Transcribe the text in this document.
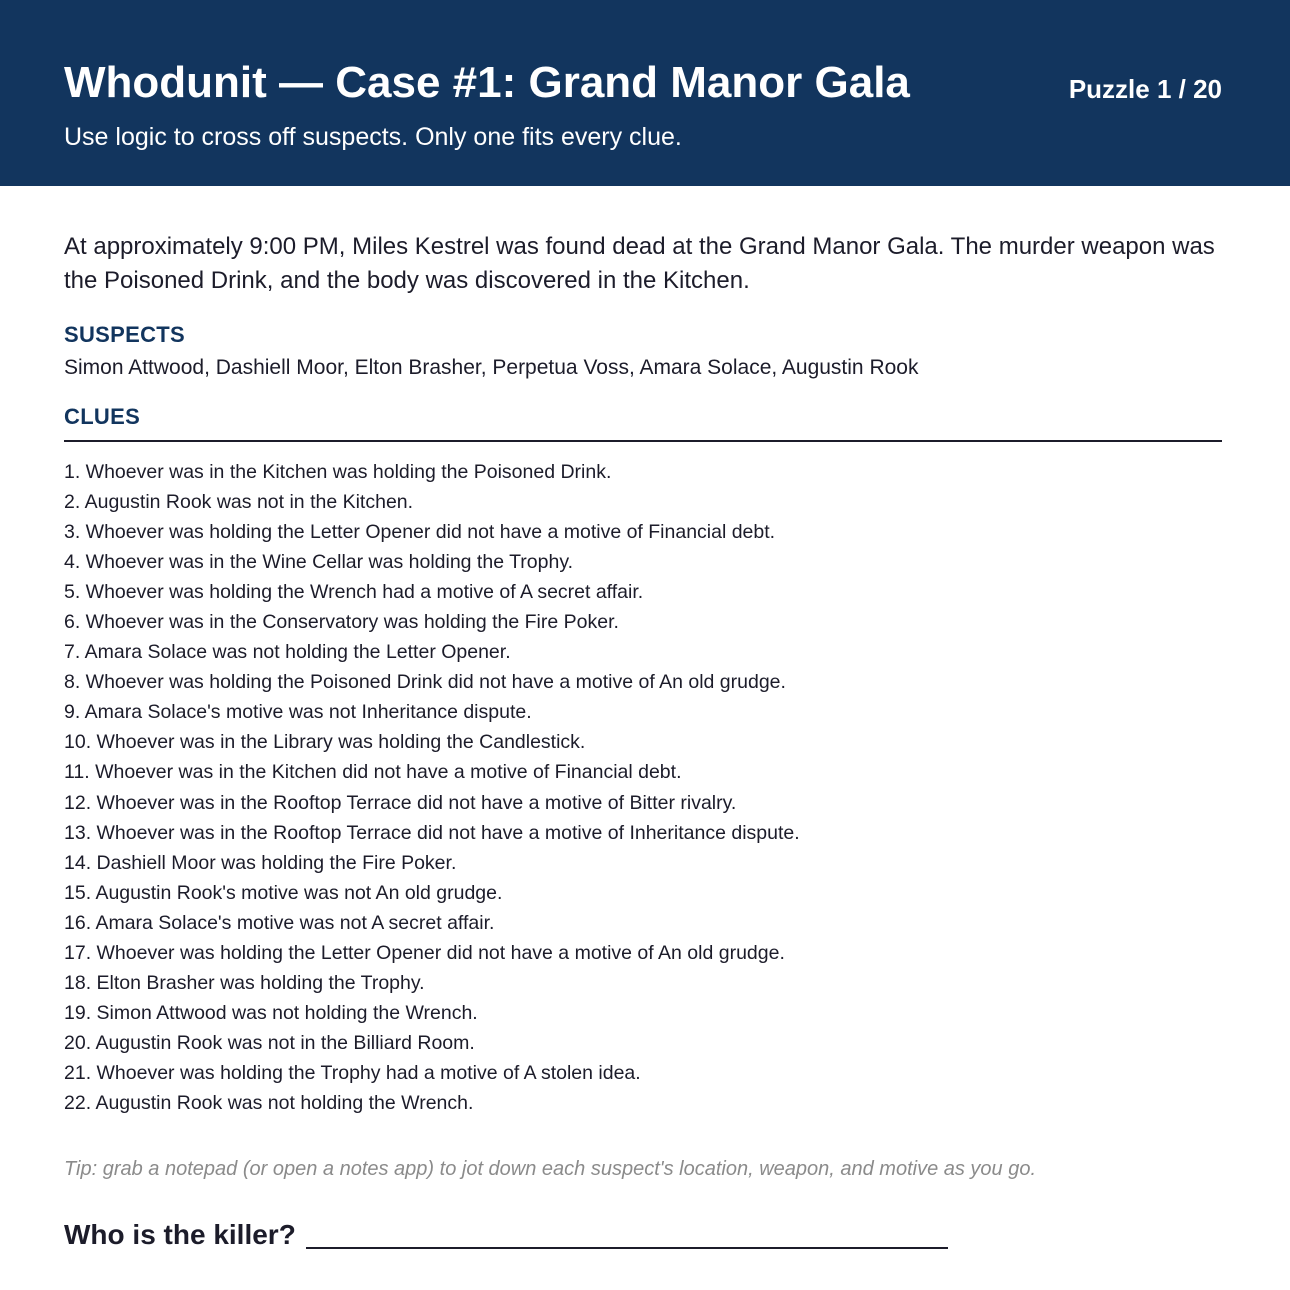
Whodunit — Case #1: Grand Manor Gala
Use logic to cross off suspects. Only one fits every clue.
Puzzle 1 / 20

At approximately 9:00 PM, Miles Kestrel was found dead at the Grand Manor Gala. The murder weapon was the Poisoned Drink, and the body was discovered in the Kitchen.

SUSPECTS
Simon Attwood, Dashiell Moor, Elton Brasher, Perpetua Voss, Amara Solace, Augustin Rook
CLUES
1. Whoever was in the Kitchen was holding the Poisoned Drink.
2. Augustin Rook was not in the Kitchen.
3. Whoever was holding the Letter Opener did not have a motive of Financial debt.
4. Whoever was in the Wine Cellar was holding the Trophy.
5. Whoever was holding the Wrench had a motive of A secret affair.
6. Whoever was in the Conservatory was holding the Fire Poker.
7. Amara Solace was not holding the Letter Opener.
8. Whoever was holding the Poisoned Drink did not have a motive of An old grudge.
9. Amara Solace's motive was not Inheritance dispute.
10. Whoever was in the Library was holding the Candlestick.
11. Whoever was in the Kitchen did not have a motive of Financial debt.
12. Whoever was in the Rooftop Terrace did not have a motive of Bitter rivalry.
13. Whoever was in the Rooftop Terrace did not have a motive of Inheritance dispute.
14. Dashiell Moor was holding the Fire Poker.
15. Augustin Rook's motive was not An old grudge.
16. Amara Solace's motive was not A secret affair.
17. Whoever was holding the Letter Opener did not have a motive of An old grudge.
18. Elton Brasher was holding the Trophy.
19. Simon Attwood was not holding the Wrench.
20. Augustin Rook was not in the Billiard Room.
21. Whoever was holding the Trophy had a motive of A stolen idea.
22. Augustin Rook was not holding the Wrench.

Tip: grab a notepad (or open a notes app) to jot down each suspect's location, weapon, and motive as you go.

Who is the killer?
